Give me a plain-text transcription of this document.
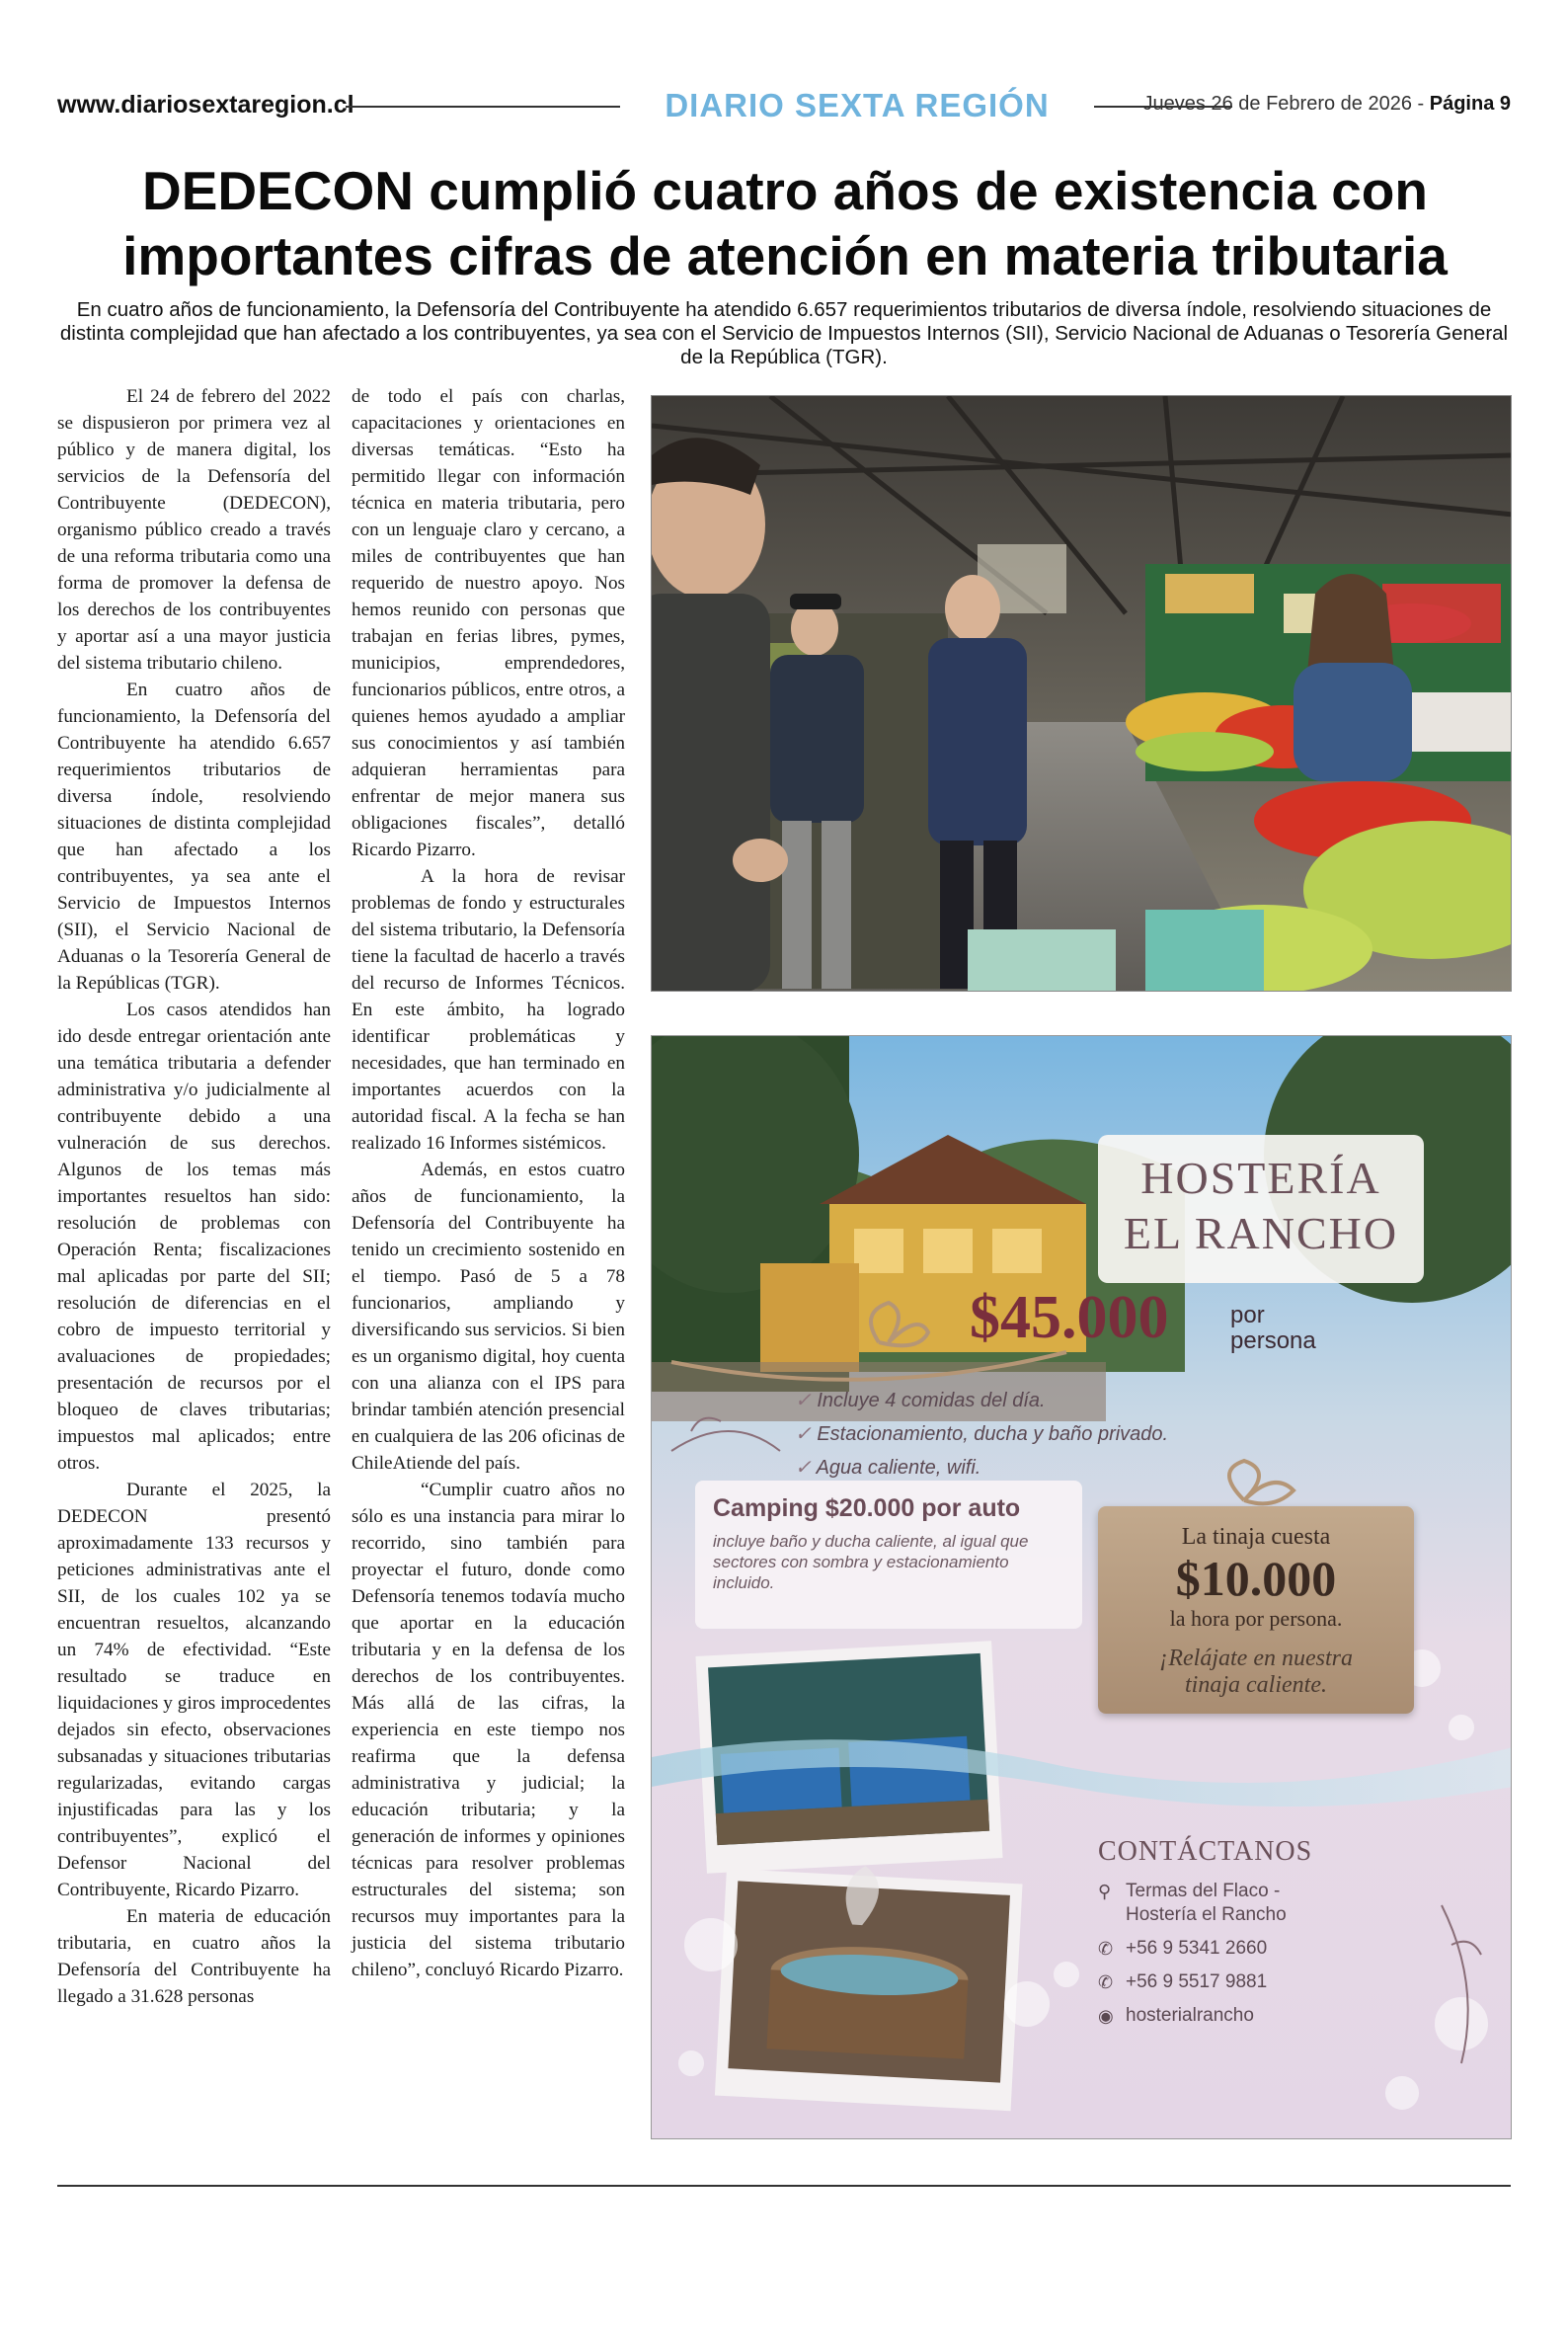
www.diariosextaregion.cl	DIARIO SEXTA REGIÓN	Jueves 26 de Febrero de 2026 - Página 9
DEDECON cumplió cuatro años de existencia con
importantes cifras de atención en materia tributaria
En cuatro años de funcionamiento, la Defensoría del Contribuyente ha atendido 6.657 requerimientos tributarios de diversa índole, resolviendo situaciones de distinta complejidad que han afectado a los contribuyentes, ya sea con el Servicio de Impuestos Internos (SII), Servicio Nacional de Aduanas o Tesorería General de la República (TGR).

El 24 de febrero del 2022 se dispusieron por primera vez al público y de manera digital, los servicios de la Defensoría del Contribuyente (DEDECON), organismo público creado a través de una reforma tributaria como una forma de promover la defensa de los derechos de los contribuyentes y aportar así a una mayor justicia del sistema tributario chileno.

En cuatro años de funcionamiento, la Defensoría del Contribuyente ha atendido 6.657 requerimientos tributarios de diversa índole, resolviendo situaciones de distinta complejidad que han afectado a los contribuyentes, ya sea ante el Servicio de Impuestos Internos (SII), el Servicio Nacional de Aduanas o la Tesorería General de la Repúblicas (TGR).

Los casos atendidos han ido desde entregar orientación ante una temática tributaria a defender administrativa y/o judicialmente al contribuyente debido a una vulneración de sus derechos. Algunos de los temas más importantes resueltos han sido: resolución de problemas con Operación Renta; fiscalizaciones mal aplicadas por parte del SII; resolución de diferencias en el cobro de impuesto territorial y avaluaciones de propiedades; presentación de recursos por el bloqueo de claves tributarias; impuestos mal aplicados; entre otros.

Durante el 2025, la DEDECON presentó aproximadamente 133 recursos y peticiones administrativas ante el SII, de los cuales 102 ya se encuentran resueltos, alcanzando un 74% de efectividad. “Este resultado se traduce en liquidaciones y giros improcedentes dejados sin efecto, observaciones subsanadas y situaciones tributarias regularizadas, evitando cargas injustificadas para las y los contribuyentes”, explicó el Defensor Nacional del Contribuyente, Ricardo Pizarro.

En materia de educación tributaria, en cuatro años la Defensoría del Contribuyente ha llegado a 31.628 personas

de todo el país con charlas, capacitaciones y orientaciones en diversas temáticas. “Esto ha permitido llegar con información técnica en materia tributaria, pero con un lenguaje claro y cercano, a miles de contribuyentes que han requerido de nuestro apoyo. Nos hemos reunido con personas que trabajan en ferias libres, pymes, municipios, emprendedores, funcionarios públicos, entre otros, a quienes hemos ayudado a ampliar sus conocimientos y así también adquieran herramientas para enfrentar de mejor manera sus obligaciones fiscales”, detalló Ricardo Pizarro.

A la hora de revisar problemas de fondo y estructurales del sistema tributario, la Defensoría tiene la facultad de hacerlo a través del recurso de Informes Técnicos. En este ámbito, ha logrado identificar problemáticas y necesidades, que han terminado en importantes acuerdos con la autoridad fiscal. A la fecha se han realizado 16 Informes sistémicos.

Además, en estos cuatro años de funcionamiento, la Defensoría del Contribuyente ha tenido un crecimiento sostenido en el tiempo. Pasó de 5 a 78 funcionarios, ampliando y diversificando sus servicios. Si bien es un organismo digital, hoy cuenta con una alianza con el IPS para brindar también atención presencial en cualquiera de las 206 oficinas de ChileAtiende del país.

“Cumplir cuatro años no sólo es una instancia para mirar lo recorrido, sino también para proyectar el futuro, donde como Defensoría tenemos todavía mucho que aportar en la educación tributaria y en la defensa de los derechos de los contribuyentes. Más allá de las cifras, la experiencia en este tiempo nos reafirma que la defensa administrativa y judicial; la educación tributaria; y la generación de informes y opiniones técnicas para resolver problemas estructurales del sistema; son recursos muy importantes para la justicia del sistema tributario chileno”, concluyó Ricardo Pizarro.

HOSTERÍA
EL RANCHO
$45.000	por
persona
✓ Incluye 4 comidas del día.
✓ Estacionamiento, ducha y baño privado.
✓ Agua caliente, wifi.
Camping $20.000 por auto
incluye baño y ducha caliente, al igual que sectores con sombra y estacionamiento incluido.
La tinaja cuesta
$10.000
la hora por persona.
¡Relájate en nuestra
tinaja caliente.
CONTÁCTANOS
⚲ Termas del Flaco -
Hostería el Rancho
✆ +56 9 5341 2660
✆ +56 9 5517 9881
◉ hosterialrancho
